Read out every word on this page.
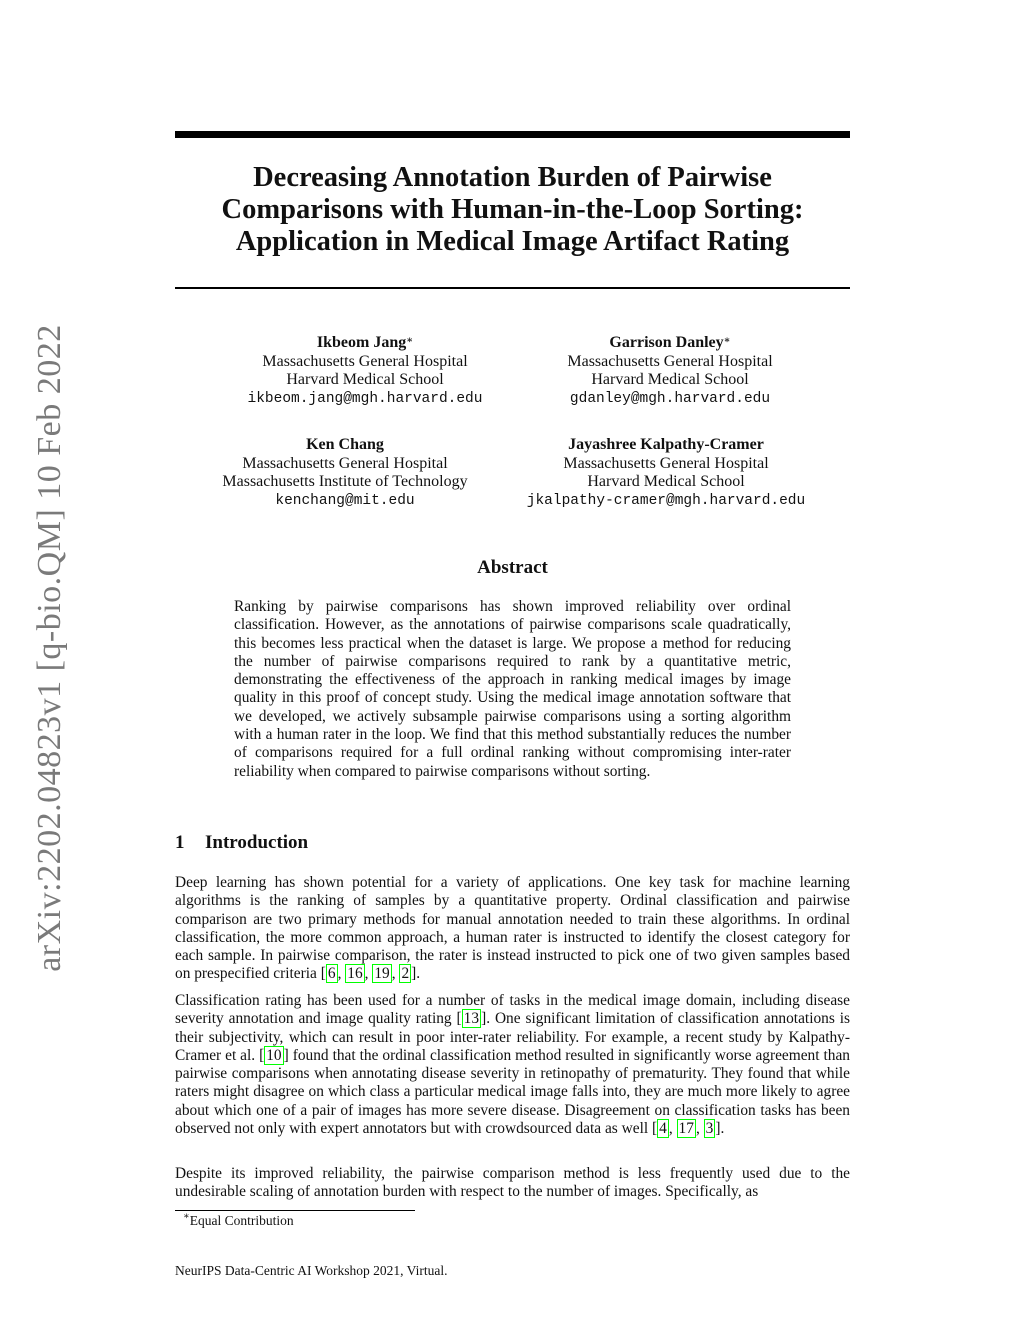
arXiv:2202.04823v1 [q-bio.QM] 10 Feb 2022
Decreasing Annotation Burden of Pairwise
Comparisons with Human-in-the-Loop Sorting:
Application in Medical Image Artifact Rating
Ikbeom Jang∗
Massachusetts General Hospital
Harvard Medical School
ikbeom.jang@mgh.harvard.edu
Garrison Danley∗
Massachusetts General Hospital
Harvard Medical School
gdanley@mgh.harvard.edu
Ken Chang
Massachusetts General Hospital
Massachusetts Institute of Technology
kenchang@mit.edu
Jayashree Kalpathy-Cramer
Massachusetts General Hospital
Harvard Medical School
jkalpathy-cramer@mgh.harvard.edu
Abstract

Ranking by pairwise comparisons has shown improved reliability over ordinal classification. However, as the annotations of pairwise comparisons scale quadratically, this becomes less practical when the dataset is large. We propose a method for reducing the number of pairwise comparisons required to rank by a quantitative metric, demonstrating the effectiveness of the approach in ranking medical images by image quality in this proof of concept study. Using the medical image annotation software that we developed, we actively subsample pairwise comparisons using a sorting algorithm with a human rater in the loop. We find that this method substantially reduces the number of comparisons required for a full ordinal ranking without compromising inter-rater reliability when compared to pairwise comparisons without sorting.

1 Introduction

Deep learning has shown potential for a variety of applications. One key task for machine learning algorithms is the ranking of samples by a quantitative property. Ordinal classification and pairwise comparison are two primary methods for manual annotation needed to train these algorithms. In ordinal classification, the more common approach, a human rater is instructed to identify the closest category for each sample. In pairwise comparison, the rater is instead instructed to pick one of two given samples based on prespecified criteria [ 6 , 16 , 19 , 2 ].

Classification rating has been used for a number of tasks in the medical image domain, including disease severity annotation and image quality rating [ 13 ]. One significant limitation of classification annotations is their subjectivity, which can result in poor inter-rater reliability. For example, a recent study by Kalpathy-Cramer et al. [ 10 ] found that the ordinal classification method resulted in significantly worse agreement than pairwise comparisons when annotating disease severity in retinopathy of prematurity. They found that while raters might disagree on which class a particular medical image falls into, they are much more likely to agree about which one of a pair of images has more severe disease. Disagreement on classification tasks has been observed not only with expert annotators but with crowdsourced data as well [ 4 , 17 , 3 ].

Despite its improved reliability, the pairwise comparison method is less frequently used due to the undesirable scaling of annotation burden with respect to the number of images. Specifically, as

∗Equal Contribution
NeurIPS Data-Centric AI Workshop 2021, Virtual.
